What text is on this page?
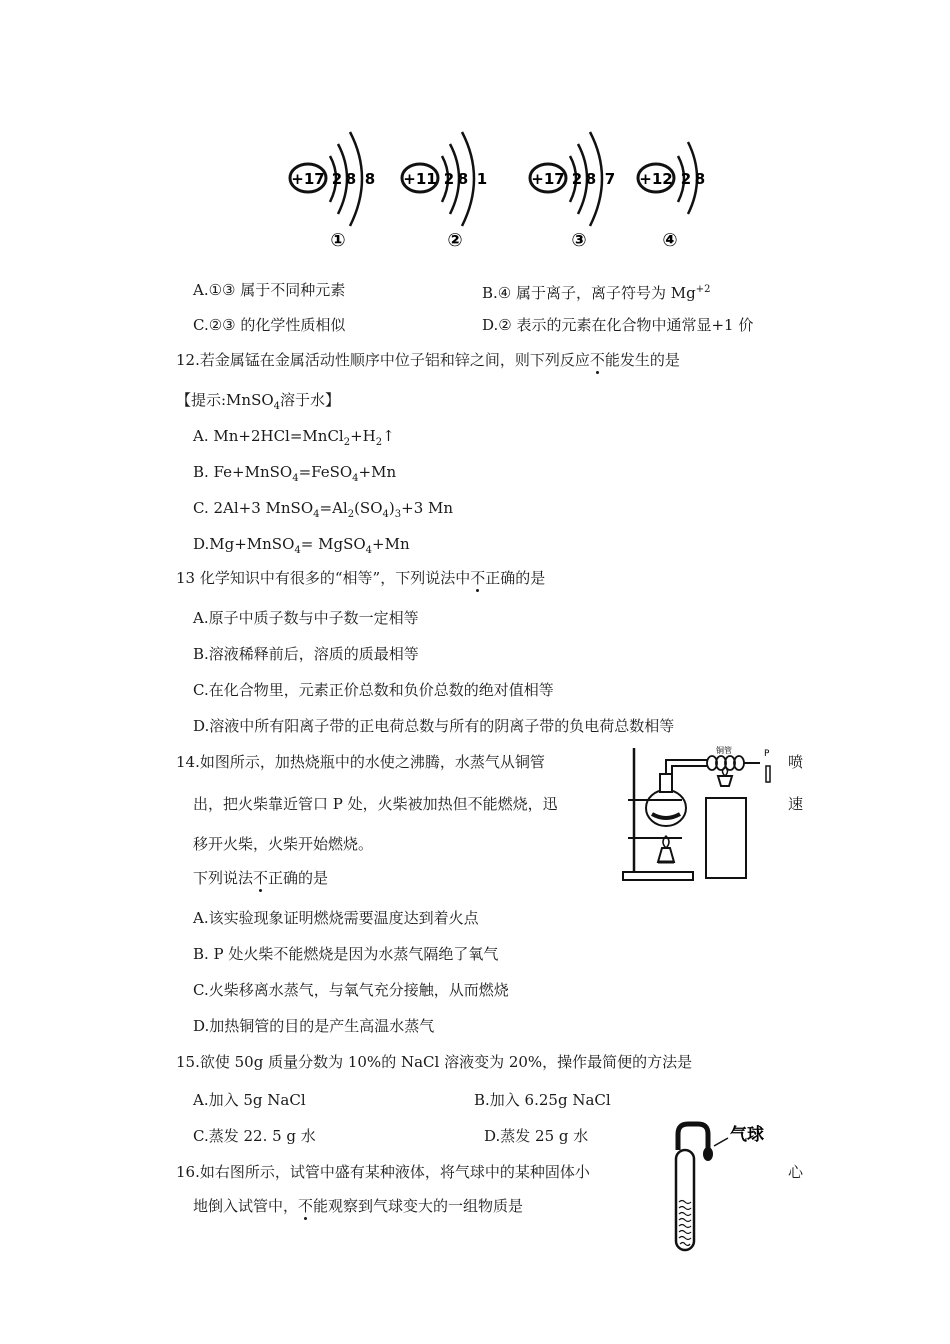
+17 2 8 8
①
+11 2 8 1
②
+17 2 8 7
③
+12 2 8
④
A.①③ 属于不同种元素	B.④ 属于离子，离子符号为 $Mg^{+2}$
C.②③ 的化学性质相似	D.② 表示的元素在化合物中通常显+1 价
12.若金属锰在金属活动性顺序中位子铝和锌之间，则下列反应不能发生的是
【提示:MnSO$_4$溶于水】
A. $Mn+2HCl=MnCl_2+H_2↑$
B. Fe+MnSO$_4$=FeSO$_4$+Mn
C. 2Al+3 $MnSO_4=Al_2(SO_4)_3+3$ Mn
D.Mg+MnSO$_4$= MgSO$_4$+Mn
13 化学知识中有很多的“相等”，下列说法中不正确的是
A.原子中质子数与中子数一定相等
B.溶液稀释前后，溶质的质最相等
C.在化合物里，元素正价总数和负价总数的绝对值相等
D.溶液中所有阳离子带的正电荷总数与所有的阴离子带的负电荷总数相等
14.如图所示，加热烧瓶中的水使之沸腾，水蒸气从铜管	喷
出，把火柴靠近管口 P 处，火柴被加热但不能燃烧，迅	速
移开火柴，火柴开始燃烧。
下列说法不正确的是
A.该实验现象证明燃烧需要温度达到着火点
B. P 处火柴不能燃烧是因为水蒸气隔绝了氧气
C.火柴移离水蒸气，与氧气充分接触，从而燃烧
D.加热铜管的目的是产生高温水蒸气
铜管	P
15.欲使 50g 质量分数为 10%的 NaCl 溶液变为 20%，操作最简便的方法是
A.加入 5g NaCl	B.加入 6.25g NaCl
C.蒸发 22. 5 g 水	D.蒸发 25 g 水
16.如右图所示，试管中盛有某种液体，将气球中的某种固体小	心
地倒入试管中，不能观察到气球变大的一组物质是
气球
